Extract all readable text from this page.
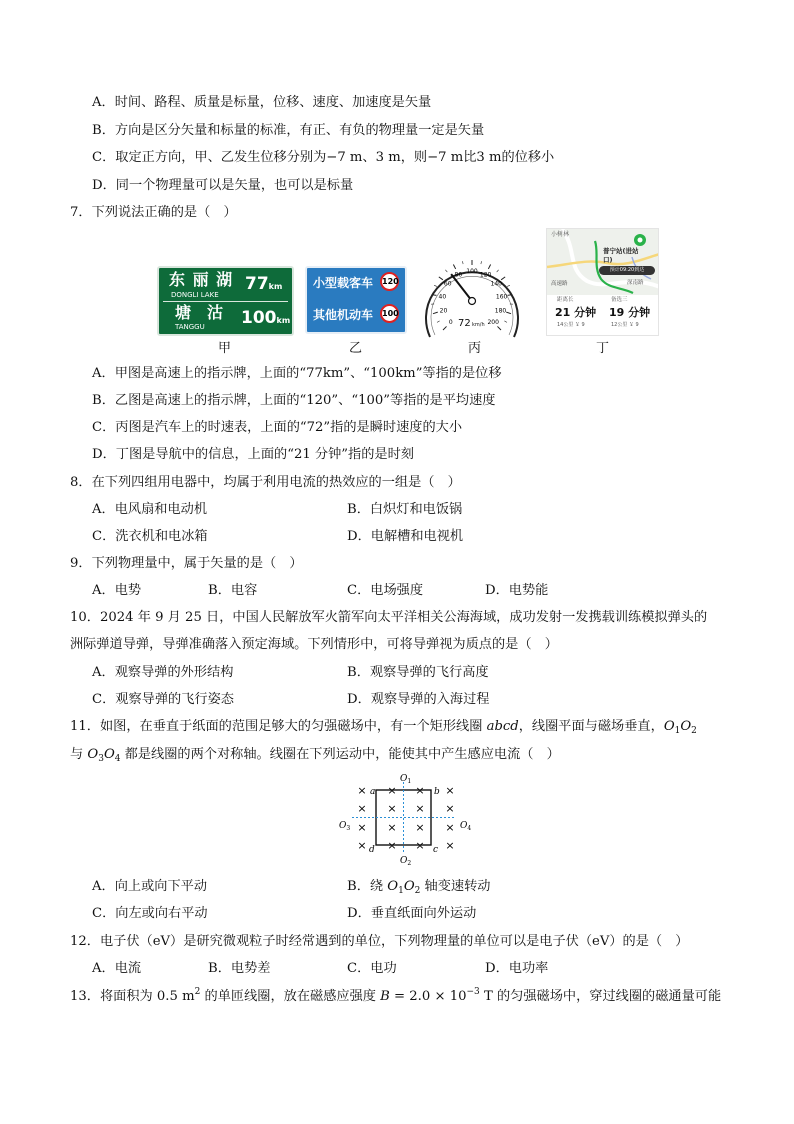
A．时间、路程、质量是标量，位移、速度、加速度是矢量
B．方向是区分矢量和标量的标准，有正、有负的物理量一定是矢量
C．取定正方向，甲、乙发生位移分别为−7 m、3 m，则−7 m比3 m的位移小
D．同一个物理量可以是矢量，也可以是标量
7．下列说法正确的是（　）
东 丽 湖
DONGLI LAKE
77km
塘　沽
TANGGU 100km
小型载客车 120
其他机动车 100
0
20
40
60
80 100 120
140
160
180
200
72 km/h
小树林
普宁站(进站
口)
预计09:20到达
高速路	深南路
距离长
21 分钟
14公里 ￥ 9
备选三
19 分钟
12公里 ￥ 9
甲	乙	丙	丁
A．甲图是高速上的指示牌，上面的“77km”、“100km”等指的是位移
B．乙图是高速上的指示牌，上面的“120”、“100”等指的是平均速度
C．丙图是汽车上的时速表，上面的“72”指的是瞬时速度的大小
D．丁图是导航中的信息，上面的“21 分钟”指的是时刻
8．在下列四组用电器中，均属于利用电流的热效应的一组是（　）
A．电风扇和电动机	B．白炽灯和电饭锅
C．洗衣机和电冰箱	D．电解槽和电视机
9．下列物理量中，属于矢量的是（　）
A．电势	B．电容	C．电场强度	D．电势能
10．2024 年 9 月 25 日，中国人民解放军火箭军向太平洋相关公海海域，成功发射一发携载训练模拟弹头的
洲际弹道导弹，导弹准确落入预定海域。下列情形中，可将导弹视为质点的是（　）
A．观察导弹的外形结构	B．观察导弹的飞行高度
C．观察导弹的飞行姿态	D．观察导弹的入海过程
11．如图，在垂直于纸面的范围足够大的匀强磁场中，有一个矩形线圈 abcd，线圈平面与磁场垂直，$O_1O_2$
与 $O_3O_4$ 都是线圈的两个对称轴。线圈在下列运动中，能使其中产生感应电流（　）
× × × ×
× × × ×
× × × ×
× × × ×
a	b
c
d
$O_1$
$O_2$
$O_3$	$O_4$
A．向上或向下平动	B．绕 $O_1O_2$ 轴变速转动
C．向左或向右平动	D．垂直纸面向外运动
12．电子伏（eV）是研究微观粒子时经常遇到的单位，下列物理量的单位可以是电子伏（eV）的是（　）
A．电流	B．电势差	C．电功	D．电功率
13．将面积为 0.5 $m^2$ 的单匝线圈，放在磁感应强度 $B = 2.0 \times 10^{-3}$ T 的匀强磁场中，穿过线圈的磁通量可能
